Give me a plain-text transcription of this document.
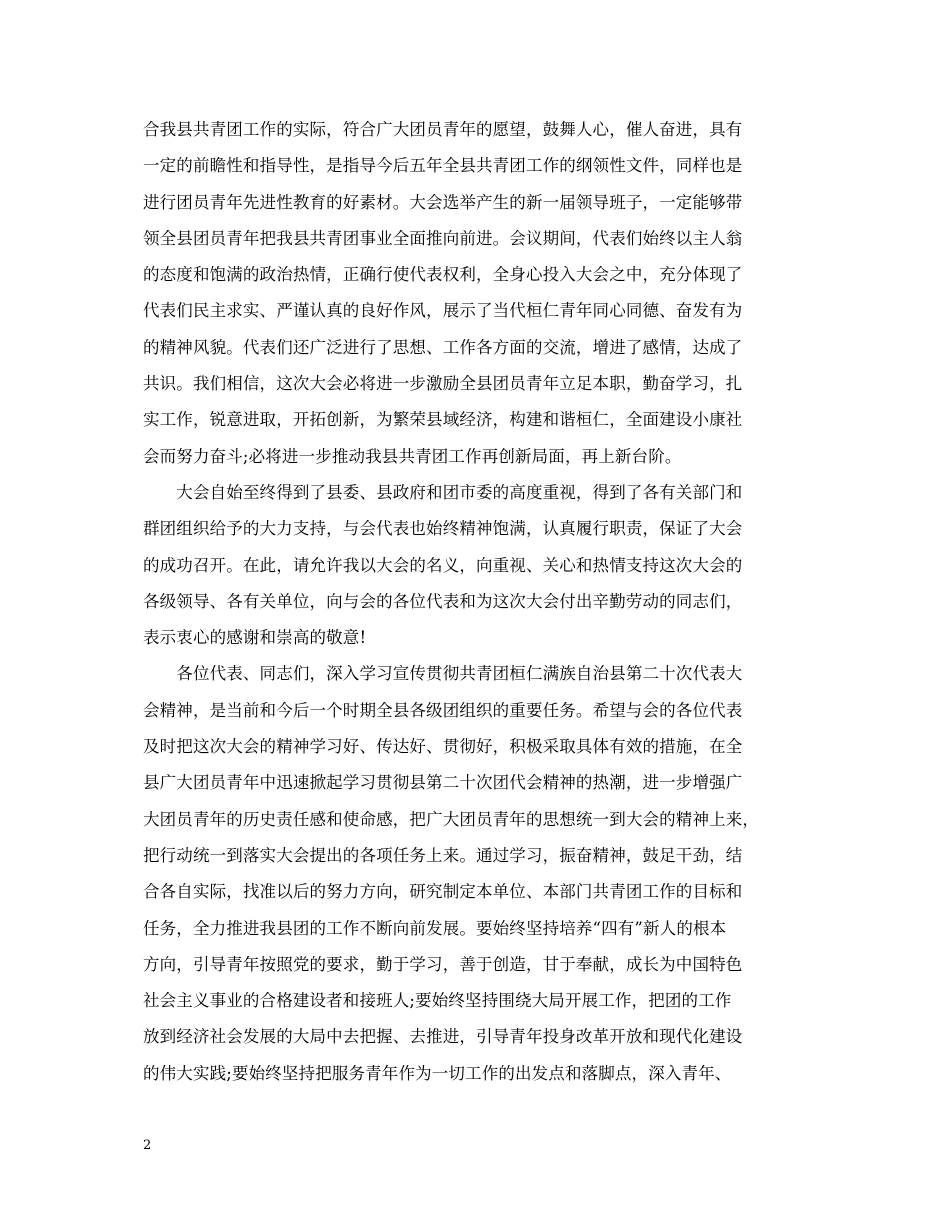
合我县共青团工作的实际，符合广大团员青年的愿望，鼓舞人心，催人奋进，具有
一定的前瞻性和指导性，是指导今后五年全县共青团工作的纲领性文件，同样也是
进行团员青年先进性教育的好素材。大会选举产生的新一届领导班子，一定能够带
领全县团员青年把我县共青团事业全面推向前进。会议期间，代表们始终以主人翁
的态度和饱满的政治热情，正确行使代表权利，全身心投入大会之中，充分体现了
代表们民主求实、严谨认真的良好作风，展示了当代桓仁青年同心同德、奋发有为
的精神风貌。代表们还广泛进行了思想、工作各方面的交流，增进了感情，达成了
共识。我们相信，这次大会必将进一步激励全县团员青年立足本职，勤奋学习，扎
实工作，锐意进取，开拓创新，为繁荣县域经济，构建和谐桓仁，全面建设小康社
会而努力奋斗;必将进一步推动我县共青团工作再创新局面，再上新台阶。

　　大会自始至终得到了县委、县政府和团市委的高度重视，得到了各有关部门和
群团组织给予的大力支持，与会代表也始终精神饱满，认真履行职责，保证了大会
的成功召开。在此，请允许我以大会的名义，向重视、关心和热情支持这次大会的
各级领导、各有关单位，向与会的各位代表和为这次大会付出辛勤劳动的同志们，
表示衷心的感谢和崇高的敬意!

　　各位代表、同志们，深入学习宣传贯彻共青团桓仁满族自治县第二十次代表大
会精神，是当前和今后一个时期全县各级团组织的重要任务。希望与会的各位代表
及时把这次大会的精神学习好、传达好、贯彻好，积极采取具体有效的措施，在全
县广大团员青年中迅速掀起学习贯彻县第二十次团代会精神的热潮，进一步增强广
大团员青年的历史责任感和使命感，把广大团员青年的思想统一到大会的精神上来，
把行动统一到落实大会提出的各项任务上来。通过学习，振奋精神，鼓足干劲，结
合各自实际，找准以后的努力方向，研究制定本单位、本部门共青团工作的目标和
任务，全力推进我县团的工作不断向前发展。要始终坚持培养“四有”新人的根本
方向，引导青年按照党的要求，勤于学习，善于创造，甘于奉献，成长为中国特色
社会主义事业的合格建设者和接班人;要始终坚持围绕大局开展工作，把团的工作
放到经济社会发展的大局中去把握、去推进，引导青年投身改革开放和现代化建设
的伟大实践;要始终坚持把服务青年作为一切工作的出发点和落脚点，深入青年、

2
